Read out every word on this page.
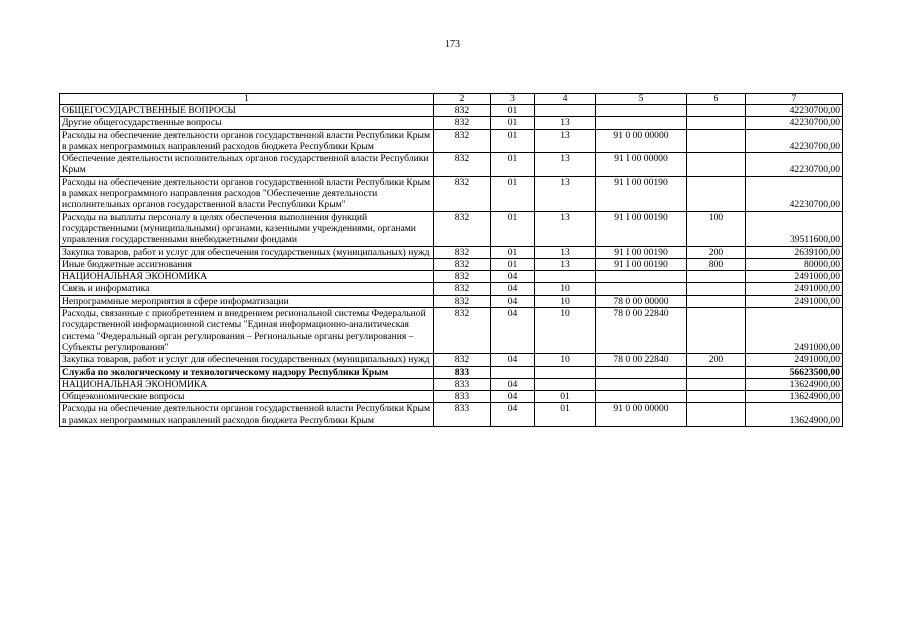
173
1	2	3	4	5	6	7
ОБЩЕГОСУДАРСТВЕННЫЕ ВОПРОСЫ	832	01				42230700,00
Другие общегосударственные вопросы	832	01	13			42230700,00
Расходы на обеспечение деятельности органов государственной власти Республики Крым в рамках непрограммных направлений расходов бюджета Республики Крым	832	01	13	91 0 00 00000		42230700,00
Обеспечение деятельности исполнительных органов государственной власти Республики Крым	832	01	13	91 I 00 00000		42230700,00
Расходы на обеспечение деятельности органов государственной власти Республики Крым в рамках непрограммного направления расходов "Обеспечение деятельности исполнительных органов государственной власти Республики Крым"	832	01	13	91 I 00 00190		42230700,00
Расходы на выплаты персоналу в целях обеспечения выполнения функций государственными (муниципальными) органами, казенными учреждениями, органами управления государственными внебюджетными фондами	832	01	13	91 I 00 00190	100	39511600,00
Закупка товаров, работ и услуг для обеспечения государственных (муниципальных) нужд	832	01	13	91 I 00 00190	200	2639100,00
Иные бюджетные ассигнования	832	01	13	91 I 00 00190	800	80000,00
НАЦИОНАЛЬНАЯ ЭКОНОМИКА	832	04				2491000,00
Связь и информатика	832	04	10			2491000,00
Непрограммные мероприятия в сфере информатизации	832	04	10	78 0 00 00000		2491000,00
Расходы, связанные с приобретением и внедрением региональной системы Федеральной государственной информационной системы "Единая информационно-аналитическая система "Федеральный орган регулирования – Региональные органы регулирования – Субъекты регулирования"	832	04	10	78 0 00 22840		2491000,00
Закупка товаров, работ и услуг для обеспечения государственных (муниципальных) нужд	832	04	10	78 0 00 22840	200	2491000,00
Служба по экологическому и технологическому надзору Республики Крым	833					56623500,00
НАЦИОНАЛЬНАЯ ЭКОНОМИКА	833	04				13624900,00
Общеэкономические вопросы	833	04	01			13624900,00
Расходы на обеспечение деятельности органов государственной власти Республики Крым в рамках непрограммных направлений расходов бюджета Республики Крым	833	04	01	91 0 00 00000		13624900,00
